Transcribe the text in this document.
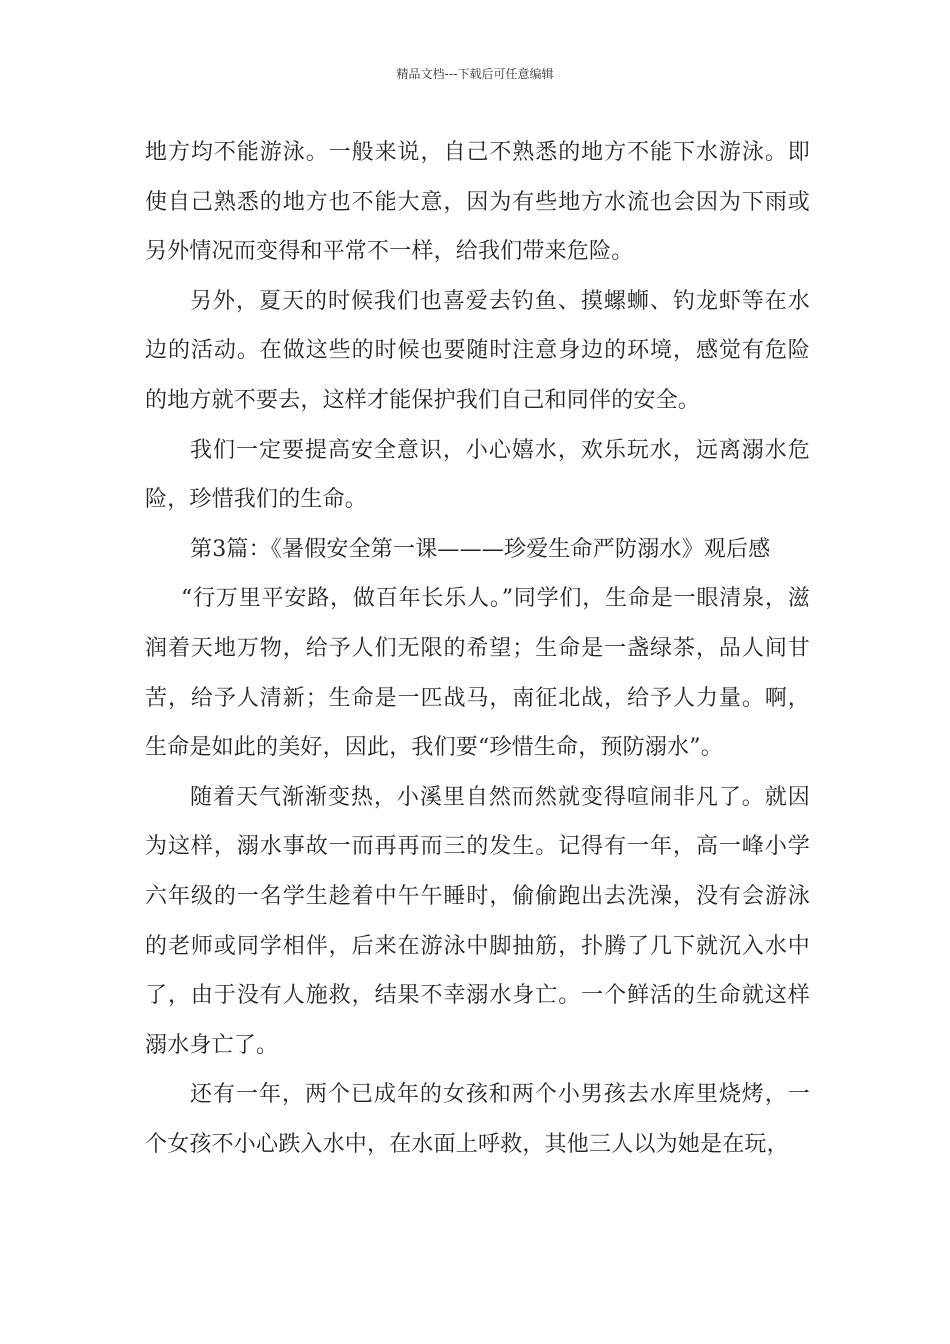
精品文档---下载后可任意编辑

地方均不能游泳。一般来说，自己不熟悉的地方不能下水游泳。即使自己熟悉的地方也不能大意，因为有些地方水流也会因为下雨或另外情况而变得和平常不一样，给我们带来危险。

另外，夏天的时候我们也喜爱去钓鱼、摸螺蛳、钓龙虾等在水边的活动。在做这些的时候也要随时注意身边的环境，感觉有危险的地方就不要去，这样才能保护我们自己和同伴的安全。

我们一定要提高安全意识，小心嬉水，欢乐玩水，远离溺水危险，珍惜我们的生命。

第3篇：《暑假安全第一课———珍爱生命严防溺水》观后感

“行万里平安路，做百年长乐人。”同学们，生命是一眼清泉，滋润着天地万物，给予人们无限的希望；生命是一盏绿茶，品人间甘苦，给予人清新；生命是一匹战马，南征北战，给予人力量。啊，生命是如此的美好，因此，我们要“珍惜生命，预防溺水”。

随着天气渐渐变热，小溪里自然而然就变得喧闹非凡了。就因为这样，溺水事故一而再再而三的发生。记得有一年，高一峰小学六年级的一名学生趁着中午午睡时，偷偷跑出去洗澡，没有会游泳的老师或同学相伴，后来在游泳中脚抽筋，扑腾了几下就沉入水中了，由于没有人施救，结果不幸溺水身亡。一个鲜活的生命就这样溺水身亡了。

还有一年，两个已成年的女孩和两个小男孩去水库里烧烤，一个女孩不小心跌入水中，在水面上呼救，其他三人以为她是在玩，
